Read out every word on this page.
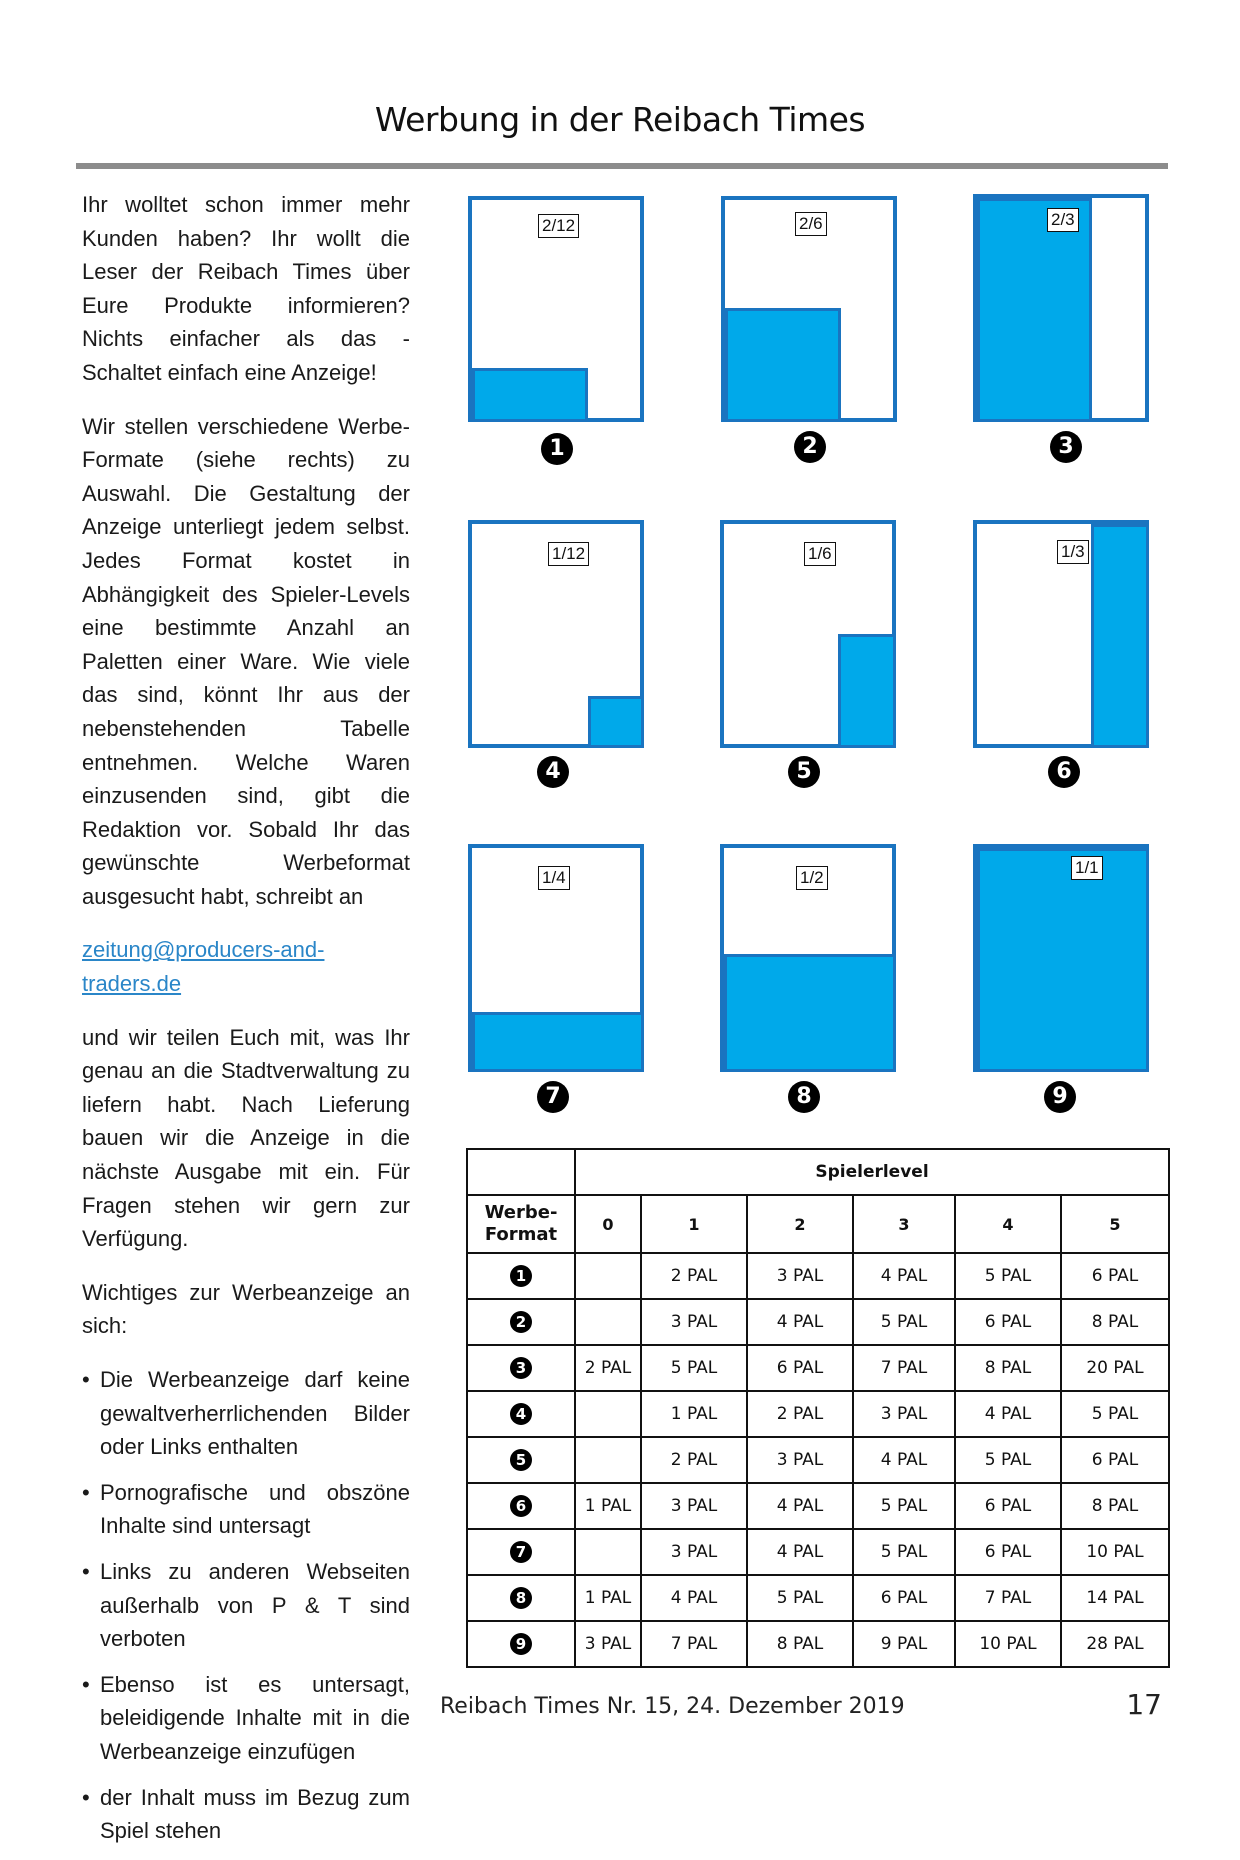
Werbung in der Reibach Times

Ihr wolltet schon immer mehr Kunden haben? Ihr wollt die Leser der Reibach Times über Eure Produkte informieren? Nichts einfacher als das - Schaltet einfach eine Anzeige!

Wir stellen verschiedene Werbe-Formate (siehe rechts) zu Auswahl. Die Gestaltung der Anzeige unterliegt jedem selbst. Jedes Format kostet in Abhängigkeit des Spieler-Levels eine bestimmte Anzahl an Paletten einer Ware. Wie viele das sind, könnt Ihr aus der nebenstehenden Tabelle entnehmen. Welche Waren einzusenden sind, gibt die Redaktion vor. Sobald Ihr das gewünschte Werbeformat ausgesucht habt, schreibt an

zeitung@producers-and-traders.de

und wir teilen Euch mit, was Ihr genau an die Stadtverwaltung zu liefern habt. Nach Lieferung bauen wir die Anzeige in die nächste Ausgabe mit ein. Für Fragen stehen wir gern zur Verfügung.

Wichtiges zur Werbeanzeige an sich:

• Die Werbeanzeige darf keine gewaltverherrlichenden Bilder oder Links enthalten
• Pornografische und obszöne Inhalte sind untersagt
• Links zu anderen Webseiten außerhalb von P & T sind verboten
• Ebenso ist es untersagt, beleidigende Inhalte mit in die Werbeanzeige einzufügen
• der Inhalt muss im Bezug zum Spiel stehen
2/12
1
2/6
2
2/3
3
1/12
4
1/6
5
1/3
6
1/4
7
1/2
8
1/1
9
	Spielerlevel					
Werbe-Format	0	1	2	3	4	5
1		2 PAL	3 PAL	4 PAL	5 PAL	6 PAL
2		3 PAL	4 PAL	5 PAL	6 PAL	8 PAL
3	2 PAL	5 PAL	6 PAL	7 PAL	8 PAL	20 PAL
4		1 PAL	2 PAL	3 PAL	4 PAL	5 PAL
5		2 PAL	3 PAL	4 PAL	5 PAL	6 PAL
6	1 PAL	3 PAL	4 PAL	5 PAL	6 PAL	8 PAL
7		3 PAL	4 PAL	5 PAL	6 PAL	10 PAL
8	1 PAL	4 PAL	5 PAL	6 PAL	7 PAL	14 PAL
9	3 PAL	7 PAL	8 PAL	9 PAL	10 PAL	28 PAL
Reibach Times Nr. 15, 24. Dezember 2019	17
